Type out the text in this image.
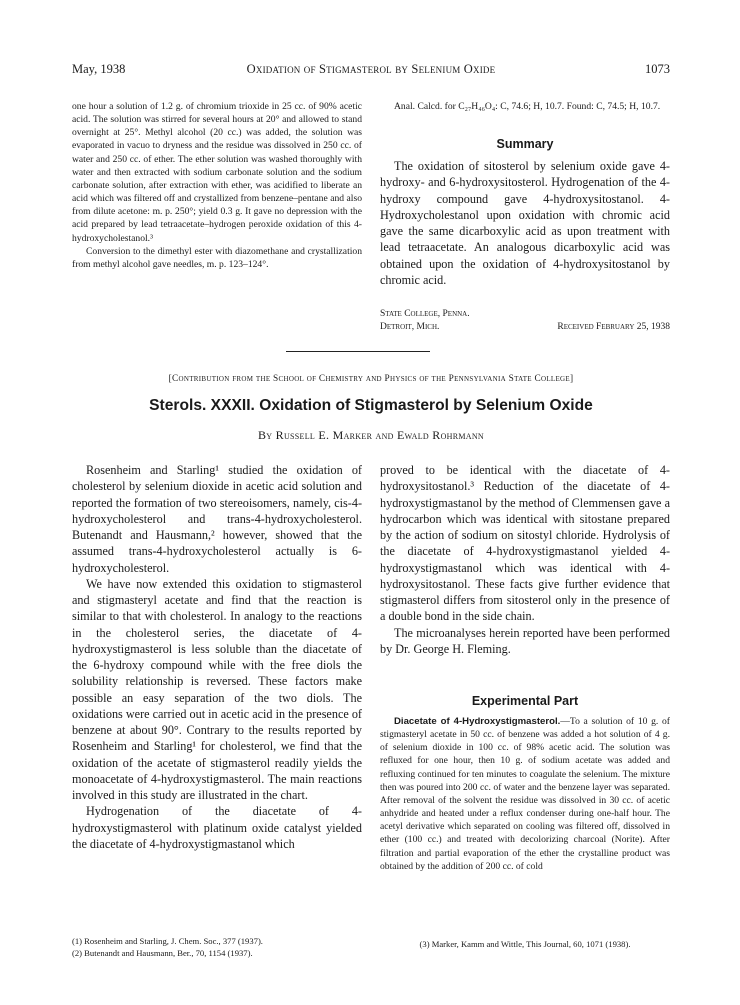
May, 1938	Oxidation of Stigmasterol by Selenium Oxide	1073

one hour a solution of 1.2 g. of chromium trioxide in 25 cc. of 90% acetic acid. The solution was stirred for several hours at 20° and allowed to stand overnight at 25°. Methyl alcohol (20 cc.) was added, the solution was evaporated in vacuo to dryness and the residue was dissolved in 250 cc. of water and 250 cc. of ether. The ether solution was washed thoroughly with water and then extracted with sodium carbonate solution and the sodium carbonate solution, after extraction with ether, was acidified to liberate an acid which was filtered off and crystallized from benzene–pentane and also from dilute acetone: m. p. 250°; yield 0.3 g. It gave no depression with the acid prepared by lead tetraacetate–hydrogen peroxide oxidation of this 4-hydroxycholestanol.³

Conversion to the dimethyl ester with diazomethane and crystallization from methyl alcohol gave needles, m. p. 123–124°.

Anal. Calcd. for C₂₇H₄₆O₄: C, 74.6; H, 10.7. Found: C, 74.5; H, 10.7.

Summary

The oxidation of sitosterol by selenium oxide gave 4-hydroxy- and 6-hydroxysitosterol. Hydrogenation of the 4-hydroxy compound gave 4-hydroxysitostanol. 4-Hydroxycholestanol upon oxidation with chromic acid gave the same dicarboxylic acid as upon treatment with lead tetraacetate. An analogous dicarboxylic acid was obtained upon the oxidation of 4-hydroxysitostanol by chromic acid.

State College, Penna.
Detroit, Mich.	Received February 25, 1938
[Contribution from the School of Chemistry and Physics of the Pennsylvania State College]
Sterols. XXXII. Oxidation of Stigmasterol by Selenium Oxide
By Russell E. Marker and Ewald Rohrmann

Rosenheim and Starling¹ studied the oxidation of cholesterol by selenium dioxide in acetic acid solution and reported the formation of two stereoisomers, namely, cis-4-hydroxycholesterol and trans-4-hydroxycholesterol. Butenandt and Hausmann,² however, showed that the assumed trans-4-hydroxycholesterol actually is 6-hydroxycholesterol.

We have now extended this oxidation to stigmasterol and stigmasteryl acetate and find that the reaction is similar to that with cholesterol. In analogy to the reactions in the cholesterol series, the diacetate of 4-hydroxystigmasterol is less soluble than the diacetate of the 6-hydroxy compound while with the free diols the solubility relationship is reversed. These factors make possible an easy separation of the two diols. The oxidations were carried out in acetic acid in the presence of benzene at about 90°. Contrary to the results reported by Rosenheim and Starling¹ for cholesterol, we find that the oxidation of the acetate of stigmasterol readily yields the monoacetate of 4-hydroxystigmasterol. The main reactions involved in this study are illustrated in the chart.

Hydrogenation of the diacetate of 4-hydroxystigmasterol with platinum oxide catalyst yielded the diacetate of 4-hydroxystigmastanol which

proved to be identical with the diacetate of 4-hydroxysitostanol.³ Reduction of the diacetate of 4-hydroxystigmastanol by the method of Clemmensen gave a hydrocarbon which was identical with sitostane prepared by the action of sodium on sitostyl chloride. Hydrolysis of the diacetate of 4-hydroxystigmastanol yielded 4-hydroxystigmastanol which was identical with 4-hydroxysitostanol. These facts give further evidence that stigmasterol differs from sitosterol only in the presence of a double bond in the side chain.

The microanalyses herein reported have been performed by Dr. George H. Fleming.

Experimental Part

Diacetate of 4-Hydroxystigmasterol.—To a solution of 10 g. of stigmasteryl acetate in 50 cc. of benzene was added a hot solution of 4 g. of selenium dioxide in 100 cc. of 98% acetic acid. The solution was refluxed for one hour, then 10 g. of sodium acetate was added and refluxing continued for ten minutes to coagulate the selenium. The mixture then was poured into 200 cc. of water and the benzene layer was separated. After removal of the solvent the residue was dissolved in 30 cc. of acetic anhydride and heated under a reflux condenser during one-half hour. The acetyl derivative which separated on cooling was filtered off, dissolved in ether (100 cc.) and treated with decolorizing charcoal (Norite). After filtration and partial evaporation of the ether the crystalline product was obtained by the addition of 200 cc. of cold

(1) Rosenheim and Starling, J. Chem. Soc., 377 (1937).

(2) Butenandt and Hausmann, Ber., 70, 1154 (1937).

(3) Marker, Kamm and Wittle, This Journal, 60, 1071 (1938).
